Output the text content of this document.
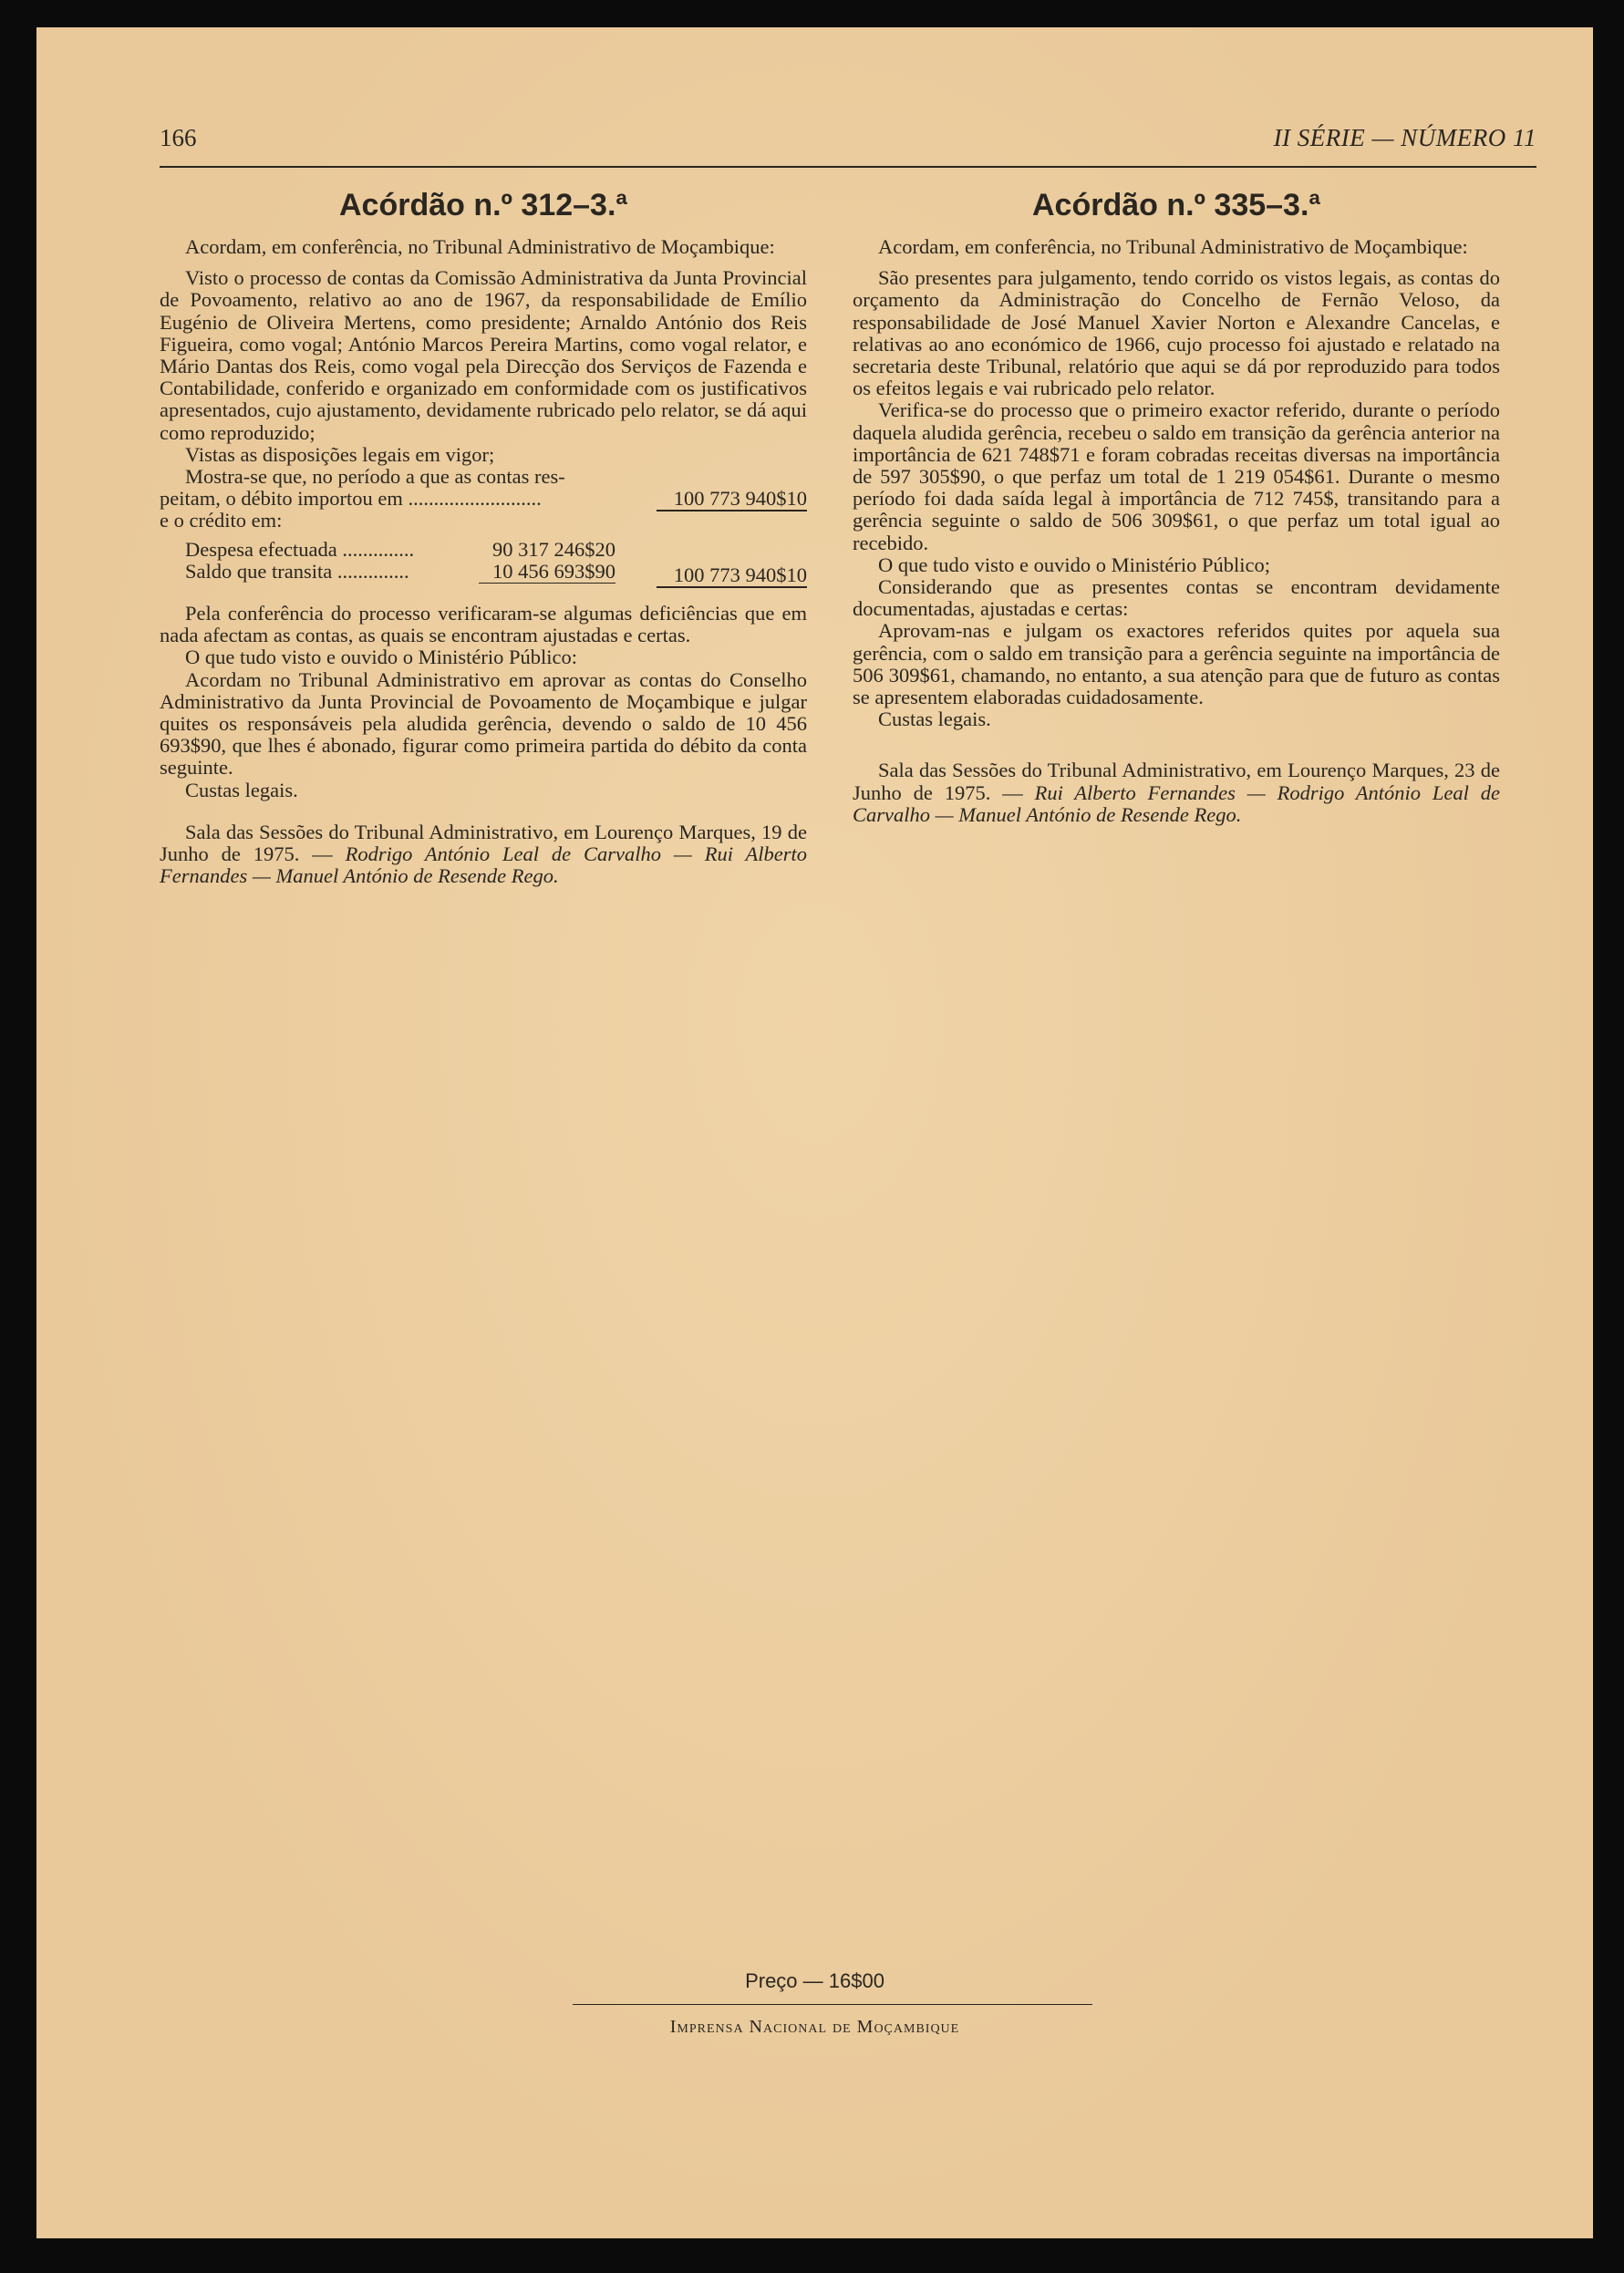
166	II SÉRIE — NÚMERO 11
Acórdão n.º 312–3.ª

Acordam, em conferência, no Tribunal Administrativo de Moçambique:

Visto o processo de contas da Comissão Administrativa da Junta Provincial de Povoamento, relativo ao ano de 1967, da responsabilidade de Emílio Eugénio de Oliveira Mertens, como presidente; Arnaldo António dos Reis Figueira, como vogal; António Marcos Pereira Martins, como vogal relator, e Mário Dantas dos Reis, como vogal pela Direcção dos Serviços de Fazenda e Contabilidade, conferido e organizado em conformidade com os justificativos apresentados, cujo ajustamento, devidamente rubricado pelo relator, se dá aqui como reproduzido;

Vistas as disposições legais em vigor;

Mostra-se que, no período a que as contas res-
peitam, o débito importou em ..........................	100 773 940$10
e o crédito em:
Despesa efectuada ..............	90 317 246$20
Saldo que transita ..............	10 456 693$90	100 773 940$10

Pela conferência do processo verificaram-se algumas deficiências que em nada afectam as contas, as quais se encontram ajustadas e certas.

O que tudo visto e ouvido o Ministério Público:

Acordam no Tribunal Administrativo em aprovar as contas do Conselho Administrativo da Junta Provincial de Povoamento de Moçambique e julgar quites os responsáveis pela aludida gerência, devendo o saldo de 10 456 693$90, que lhes é abonado, figurar como primeira partida do débito da conta seguinte.

Custas legais.

Sala das Sessões do Tribunal Administrativo, em Lourenço Marques, 19 de Junho de 1975. — Rodrigo António Leal de Carvalho — Rui Alberto Fernandes — Manuel António de Resende Rego.

Acórdão n.º 335–3.ª

Acordam, em conferência, no Tribunal Administrativo de Moçambique:

São presentes para julgamento, tendo corrido os vistos legais, as contas do orçamento da Administração do Concelho de Fernão Veloso, da responsabilidade de José Manuel Xavier Norton e Alexandre Cancelas, e relativas ao ano económico de 1966, cujo processo foi ajustado e relatado na secretaria deste Tribunal, relatório que aqui se dá por reproduzido para todos os efeitos legais e vai rubricado pelo relator.

Verifica-se do processo que o primeiro exactor referido, durante o período daquela aludida gerência, recebeu o saldo em transição da gerência anterior na importância de 621 748$71 e foram cobradas receitas diversas na importância de 597 305$90, o que perfaz um total de 1 219 054$61. Durante o mesmo período foi dada saída legal à importância de 712 745$, transitando para a gerência seguinte o saldo de 506 309$61, o que perfaz um total igual ao recebido.

O que tudo visto e ouvido o Ministério Público;

Considerando que as presentes contas se encontram devidamente documentadas, ajustadas e certas:

Aprovam-nas e julgam os exactores referidos quites por aquela sua gerência, com o saldo em transição para a gerência seguinte na importância de 506 309$61, chamando, no entanto, a sua atenção para que de futuro as contas se apresentem elaboradas cuidadosamente.

Custas legais.

Sala das Sessões do Tribunal Administrativo, em Lourenço Marques, 23 de Junho de 1975. — Rui Alberto Fernandes — Rodrigo António Leal de Carvalho — Manuel António de Resende Rego.

Preço — 16$00
Imprensa Nacional de Moçambique
